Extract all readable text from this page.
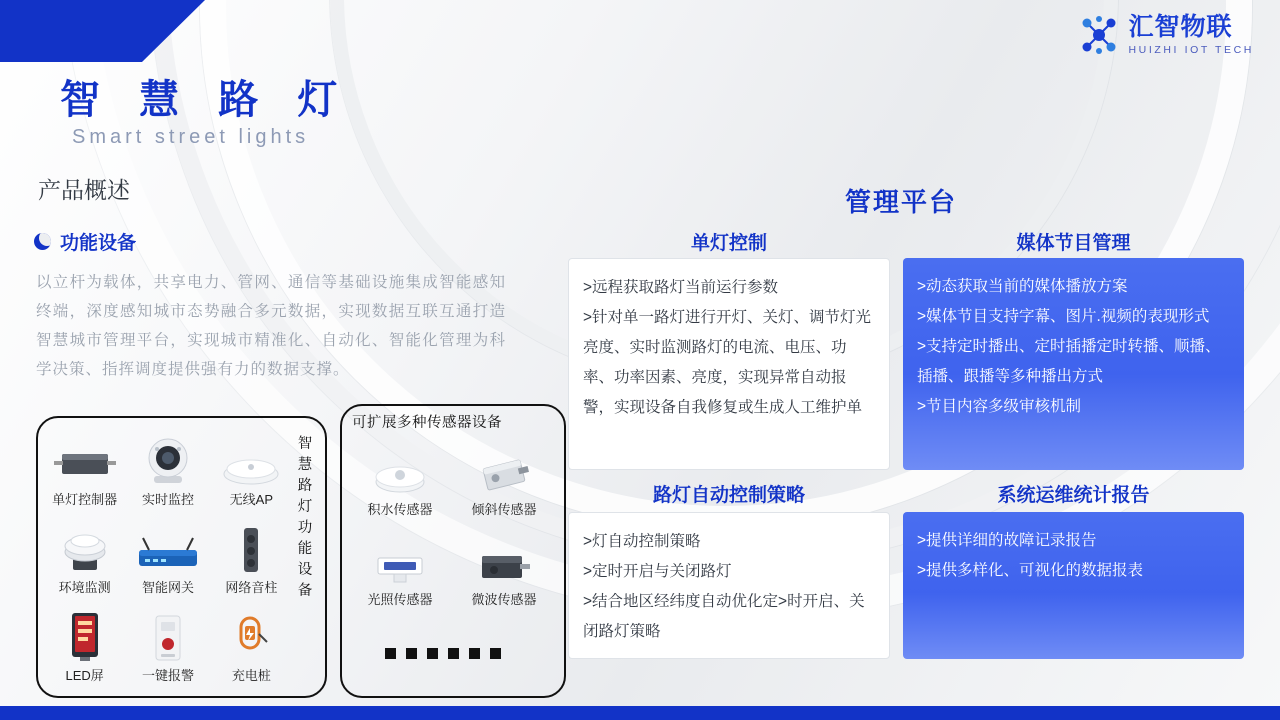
汇智物联
HUIZHI IOT TECH
智 慧 路 灯
Smart street lights
产品概述
功能设备
以立杆为载体，共享电力、管网、通信等基础设施集成智能感知终端，深度感知城市态势融合多元数据，实现数据互联互通打造智慧城市管理平台，实现城市精准化、自动化、智能化管理为科学决策、指挥调度提供强有力的数据支撑。
单灯控制器 实时监控	无线AP
环境监测 智能网关 网络音柱
LED屏	一键报警	充电桩
智慧路灯功能设备
可扩展多种传感器设备
积水传感器	倾斜传感器
光照传感器	微波传感器
管理平台
单灯控制

>远程获取路灯当前运行参数

>针对单一路灯进行开灯、关灯、调节灯光亮度、实时监测路灯的电流、电压、功率、功率因素、亮度，实现异常自动报警，实现设备自我修复或生成人工维护单

媒体节目管理

>动态获取当前的媒体播放方案

>媒体节目支持字幕、图片.视频的表现形式

>支持定时播出、定时插播定时转播、顺播、插播、跟播等多种播出方式

>节目内容多级审核机制

路灯自动控制策略

>灯自动控制策略

>定时开启与关闭路灯

>结合地区经纬度自动优化定>时开启、关闭路灯策略

系统运维统计报告

>提供详细的故障记录报告

>提供多样化、可视化的数据报表
